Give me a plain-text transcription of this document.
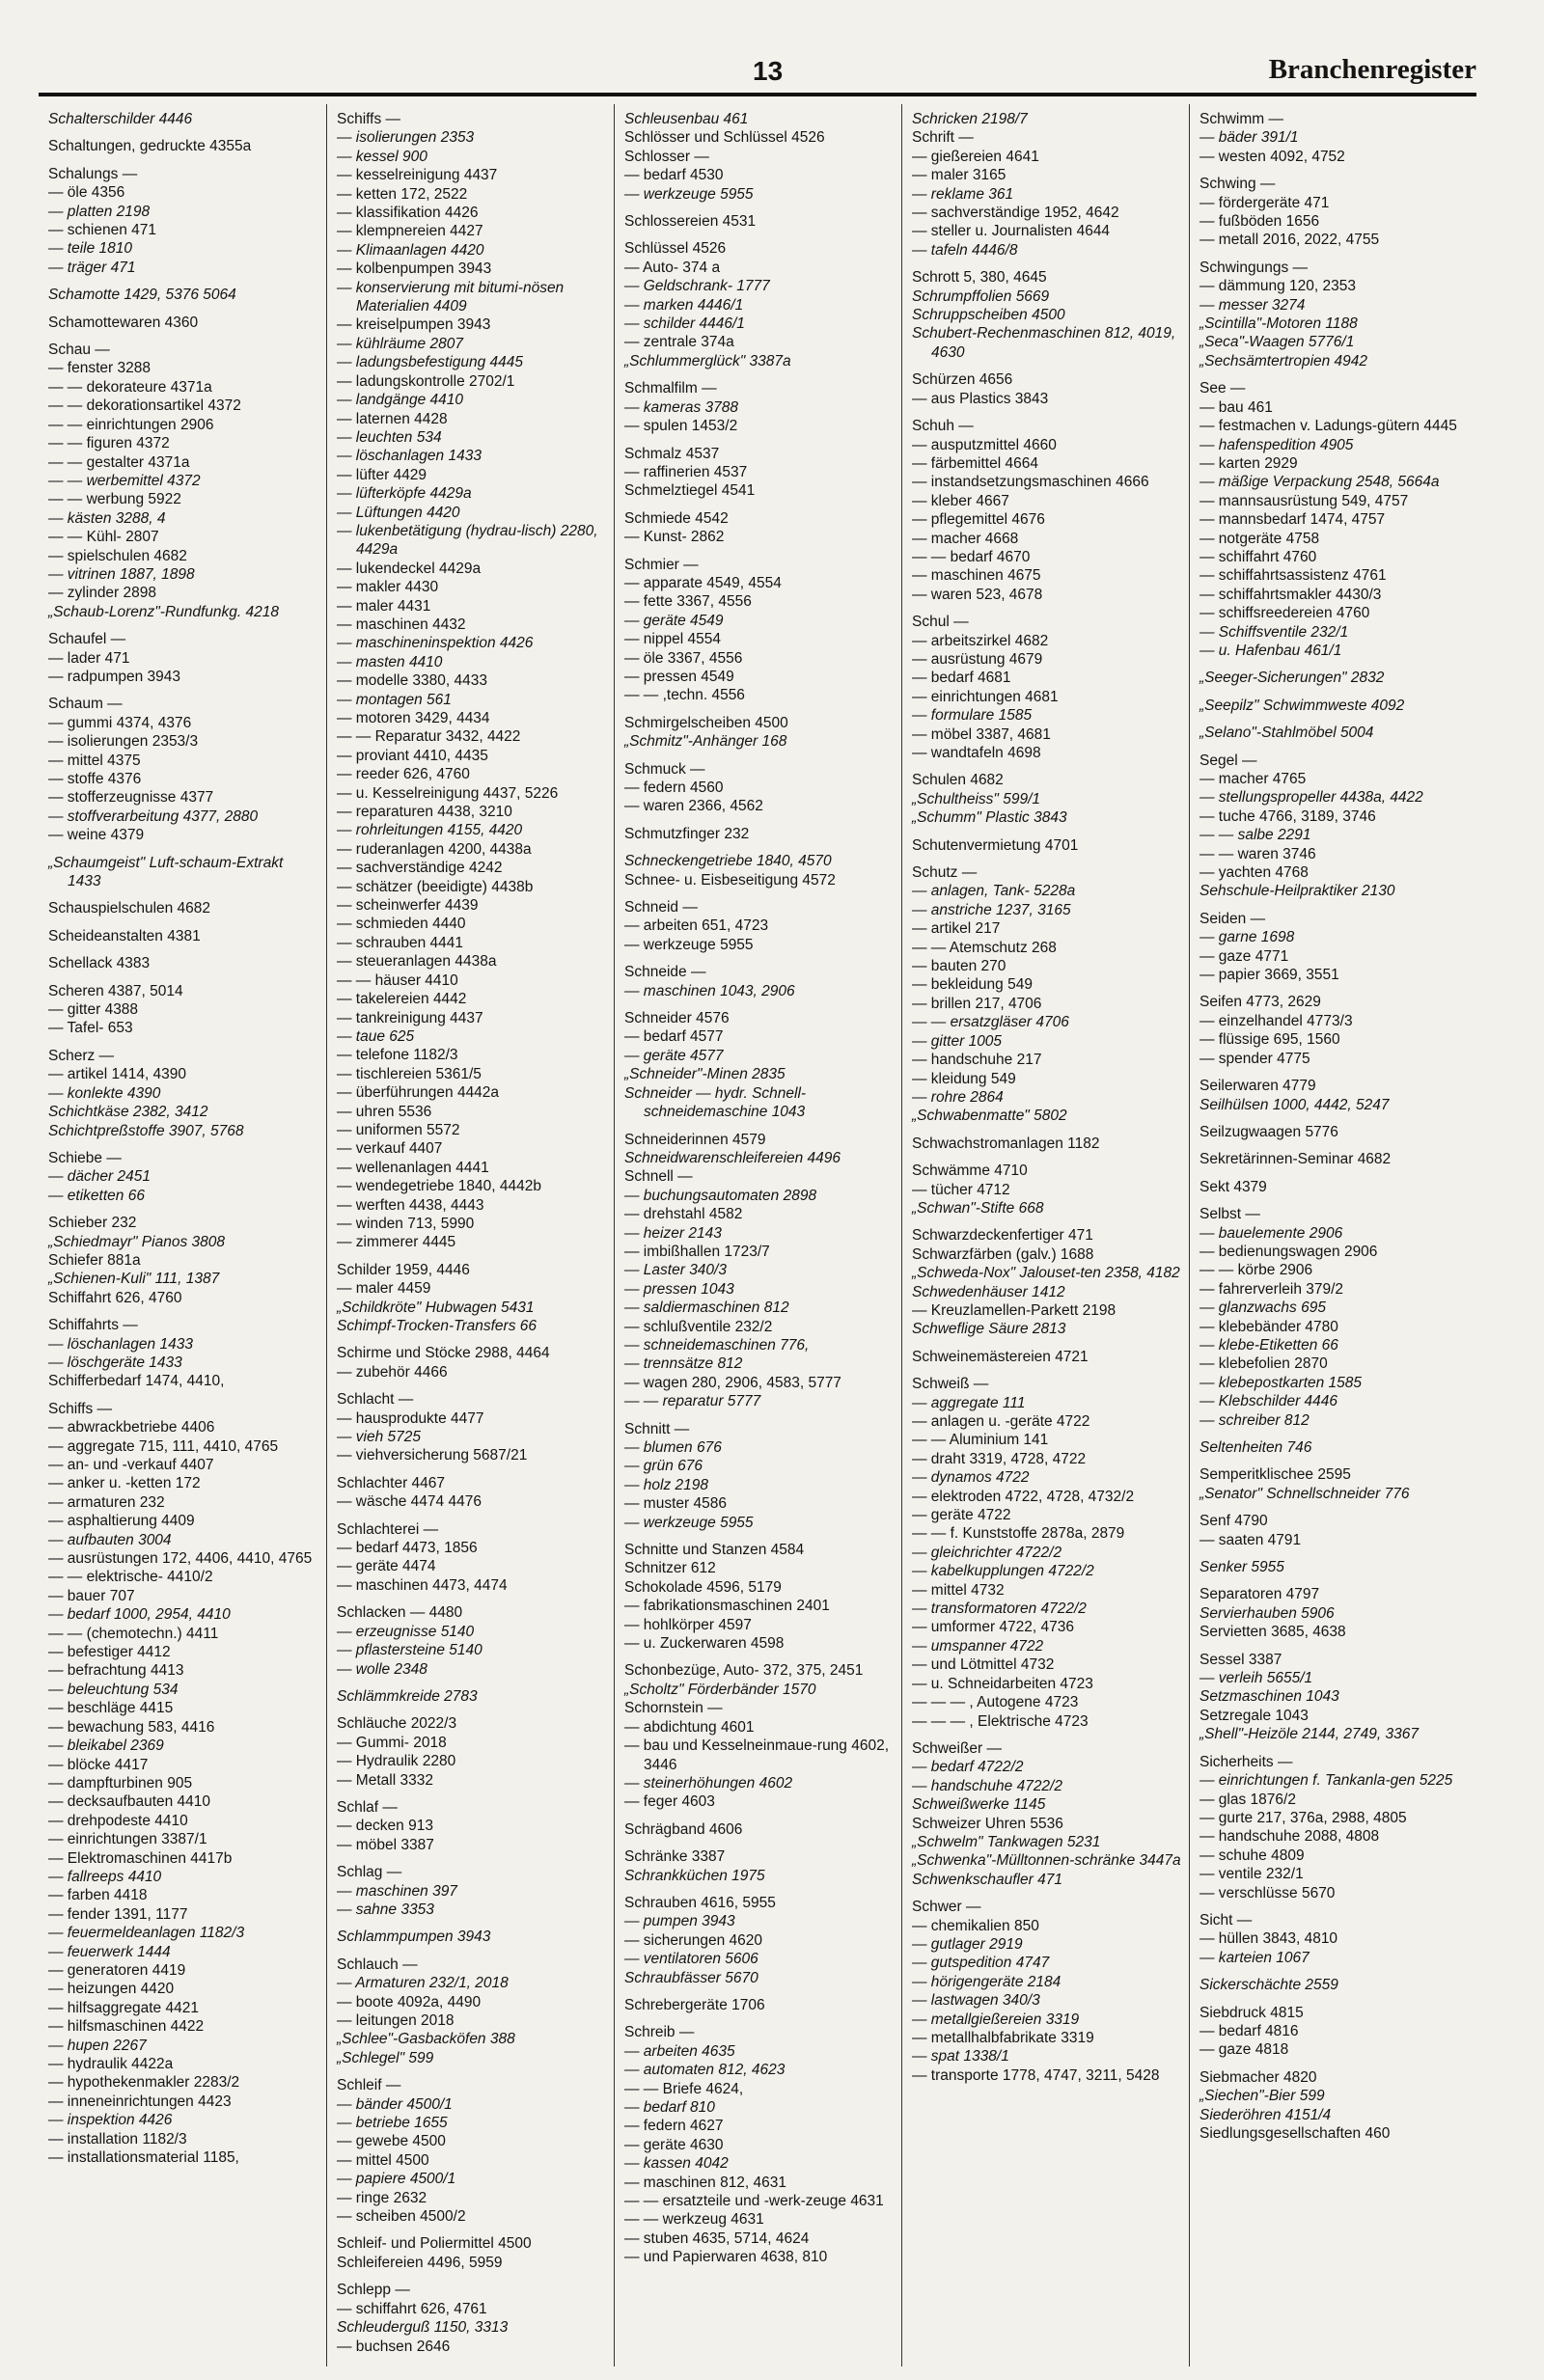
13	Branchenregister
Schalterschilder 4446
Schaltungen, gedruckte 4355a
Schalungs —
— öle 4356
— platten 2198
— schienen 471
— teile 1810
— träger 471
Schamotte 1429, 5376 5064
Schamottewaren 4360
Schau —
— fenster 3288
— — dekorateure 4371a
— — dekorationsartikel 4372
— — einrichtungen 2906
— — figuren 4372
— — gestalter 4371a
— — werbemittel 4372
— — werbung 5922
— kästen 3288, 4
— — Kühl- 2807
— spielschulen 4682
— vitrinen 1887, 1898
— zylinder 2898
„Schaub-Lorenz"-Rundfunkg. 4218
Schaufel —
— lader 471
— radpumpen 3943
Schaum —
— gummi 4374, 4376
— isolierungen 2353/3
— mittel 4375
— stoffe 4376
— stofferzeugnisse 4377
— stoffverarbeitung 4377, 2880
— weine 4379
„Schaumgeist" Luft-schaum-Extrakt 1433
Schauspielschulen 4682
Scheideanstalten 4381
Schellack 4383
Scheren 4387, 5014
— gitter 4388
— Tafel- 653
Scherz —
— artikel 1414, 4390
— konlekte 4390
Schichtkäse 2382, 3412
Schichtpreßstoffe 3907, 5768
Schiebe —
— dächer 2451
— etiketten 66
Schieber 232
„Schiedmayr" Pianos 3808
Schiefer 881a
„Schienen-Kuli" 111, 1387
Schiffahrt 626, 4760
Schiffahrts —
— löschanlagen 1433
— löschgeräte 1433
Schifferbedarf 1474, 4410,
Schiffs —
— abwrackbetriebe 4406
— aggregate 715, 111, 4410, 4765
— an- und -verkauf 4407
— anker u. -ketten 172
— armaturen 232
— asphaltierung 4409
— aufbauten 3004
— ausrüstungen 172, 4406, 4410, 4765
— — elektrische- 4410/2
— bauer 707
— bedarf 1000, 2954, 4410
— — (chemotechn.) 4411
— befestiger 4412
— befrachtung 4413
— beleuchtung 534
— beschläge 4415
— bewachung 583, 4416
— bleikabel 2369
— blöcke 4417
— dampfturbinen 905
— decksaufbauten 4410
— drehpodeste 4410
— einrichtungen 3387/1
— Elektromaschinen 4417b
— fallreeps 4410
— farben 4418
— fender 1391, 1177
— feuermeldeanlagen 1182/3
— feuerwerk 1444
— generatoren 4419
— heizungen 4420
— hilfsaggregate 4421
— hilfsmaschinen 4422
— hupen 2267
— hydraulik 4422a
— hypothekenmakler 2283/2
— inneneinrichtungen 4423
— inspektion 4426
— installation 1182/3
— installationsmaterial 1185,
Schiffs —
— isolierungen 2353
— kessel 900
— kesselreinigung 4437
— ketten 172, 2522
— klassifikation 4426
— klempnereien 4427
— Klimaanlagen 4420
— kolbenpumpen 3943
— konservierung mit bitumi-nösen Materialien 4409
— kreiselpumpen 3943
— kühlräume 2807
— ladungsbefestigung 4445
— ladungskontrolle 2702/1
— landgänge 4410
— laternen 4428
— leuchten 534
— löschanlagen 1433
— lüfter 4429
— lüfterköpfe 4429a
— Lüftungen 4420
— lukenbetätigung (hydrau-lisch) 2280, 4429a
— lukendeckel 4429a
— makler 4430
— maler 4431
— maschinen 4432
— maschineninspektion 4426
— masten 4410
— modelle 3380, 4433
— montagen 561
— motoren 3429, 4434
— — Reparatur 3432, 4422
— proviant 4410, 4435
— reeder 626, 4760
— u. Kesselreinigung 4437, 5226
— reparaturen 4438, 3210
— rohrleitungen 4155, 4420
— ruderanlagen 4200, 4438a
— sachverständige 4242
— schätzer (beeidigte) 4438b
— scheinwerfer 4439
— schmieden 4440
— schrauben 4441
— steueranlagen 4438a
— — häuser 4410
— takelereien 4442
— tankreinigung 4437
— taue 625
— telefone 1182/3
— tischlereien 5361/5
— überführungen 4442a
— uhren 5536
— uniformen 5572
— verkauf 4407
— wellenanlagen 4441
— wendegetriebe 1840, 4442b
— werften 4438, 4443
— winden 713, 5990
— zimmerer 4445
Schilder 1959, 4446
— maler 4459
„Schildkröte" Hubwagen 5431
Schimpf-Trocken-Transfers 66
Schirme und Stöcke 2988, 4464
— zubehör 4466
Schlacht —
— hausprodukte 4477
— vieh 5725
— viehversicherung 5687/21
Schlachter 4467
— wäsche 4474 4476
Schlachterei —
— bedarf 4473, 1856
— geräte 4474
— maschinen 4473, 4474
Schlacken — 4480
— erzeugnisse 5140
— pflastersteine 5140
— wolle 2348
Schlämmkreide 2783
Schläuche 2022/3
— Gummi- 2018
— Hydraulik 2280
— Metall 3332
Schlaf —
— decken 913
— möbel 3387
Schlag —
— maschinen 397
— sahne 3353
Schlammpumpen 3943
Schlauch —
— Armaturen 232/1, 2018
— boote 4092a, 4490
— leitungen 2018
„Schlee"-Gasbacköfen 388
„Schlegel" 599
Schleif —
— bänder 4500/1
— betriebe 1655
— gewebe 4500
— mittel 4500
— papiere 4500/1
— ringe 2632
— scheiben 4500/2
Schleif- und Poliermittel 4500
Schleifereien 4496, 5959
Schlepp —
— schiffahrt 626, 4761
Schleuderguß 1150, 3313
— buchsen 2646
Schleusenbau 461
Schlösser und Schlüssel 4526
Schlosser —
— bedarf 4530
— werkzeuge 5955
Schlossereien 4531
Schlüssel 4526
— Auto- 374 a
— Geldschrank- 1777
— marken 4446/1
— schilder 4446/1
— zentrale 374a
„Schlummerglück" 3387a
Schmalfilm —
— kameras 3788
— spulen 1453/2
Schmalz 4537
— raffinerien 4537
Schmelztiegel 4541
Schmiede 4542
— Kunst- 2862
Schmier —
— apparate 4549, 4554
— fette 3367, 4556
— geräte 4549
— nippel 4554
— öle 3367, 4556
— pressen 4549
— — ,techn. 4556
Schmirgelscheiben 4500
„Schmitz"-Anhänger 168
Schmuck —
— federn 4560
— waren 2366, 4562
Schmutzfinger 232
Schneckengetriebe 1840, 4570
Schnee- u. Eisbeseitigung 4572
Schneid —
— arbeiten 651, 4723
— werkzeuge 5955
Schneide —
— maschinen 1043, 2906
Schneider 4576
— bedarf 4577
— geräte 4577
„Schneider"-Minen 2835
Schneider — hydr. Schnell-schneidemaschine 1043
Schneiderinnen 4579
Schneidwarenschleifereien 4496
Schnell —
— buchungsautomaten 2898
— drehstahl 4582
— heizer 2143
— imbißhallen 1723/7
— Laster 340/3
— pressen 1043
— saldiermaschinen 812
— schlußventile 232/2
— schneidemaschinen 776,
— trennsätze 812
— wagen 280, 2906, 4583, 5777
— — reparatur 5777
Schnitt —
— blumen 676
— grün 676
— holz 2198
— muster 4586
— werkzeuge 5955
Schnitte und Stanzen 4584
Schnitzer 612
Schokolade 4596, 5179
— fabrikationsmaschinen 2401
— hohlkörper 4597
— u. Zuckerwaren 4598
Schonbezüge, Auto- 372, 375, 2451
„Scholtz" Förderbänder 1570
Schornstein —
— abdichtung 4601
— bau und Kesselneinmaue-rung 4602, 3446
— steinerhöhungen 4602
— feger 4603
Schrägband 4606
Schränke 3387
Schrankküchen 1975
Schrauben 4616, 5955
— pumpen 3943
— sicherungen 4620
— ventilatoren 5606
Schraubfässer 5670
Schrebergeräte 1706
Schreib —
— arbeiten 4635
— automaten 812, 4623
— — Briefe 4624,
— bedarf 810
— federn 4627
— geräte 4630
— kassen 4042
— maschinen 812, 4631
— — ersatzteile und -werk-zeuge 4631
— — werkzeug 4631
— stuben 4635, 5714, 4624
— und Papierwaren 4638, 810
Schricken 2198/7
Schrift —
— gießereien 4641
— maler 3165
— reklame 361
— sachverständige 1952, 4642
— steller u. Journalisten 4644
— tafeln 4446/8
Schrott 5, 380, 4645
Schrumpffolien 5669
Schruppscheiben 4500
Schubert-Rechenmaschinen 812, 4019, 4630
Schürzen 4656
— aus Plastics 3843
Schuh —
— ausputzmittel 4660
— färbemittel 4664
— instandsetzungsmaschinen 4666
— kleber 4667
— pflegemittel 4676
— macher 4668
— — bedarf 4670
— maschinen 4675
— waren 523, 4678
Schul —
— arbeitszirkel 4682
— ausrüstung 4679
— bedarf 4681
— einrichtungen 4681
— formulare 1585
— möbel 3387, 4681
— wandtafeln 4698
Schulen 4682
„Schultheiss" 599/1
„Schumm" Plastic 3843
Schutenvermietung 4701
Schutz —
— anlagen, Tank- 5228a
— anstriche 1237, 3165
— artikel 217
— — Atemschutz 268
— bauten 270
— bekleidung 549
— brillen 217, 4706
— — ersatzgläser 4706
— gitter 1005
— handschuhe 217
— kleidung 549
— rohre 2864
„Schwabenmatte" 5802
Schwachstromanlagen 1182
Schwämme 4710
— tücher 4712
„Schwan"-Stifte 668
Schwarzdeckenfertiger 471
Schwarzfärben (galv.) 1688
„Schweda-Nox" Jalouset-ten 2358, 4182
Schwedenhäuser 1412
— Kreuzlamellen-Parkett 2198
Schweflige Säure 2813
Schweinemästereien 4721
Schweiß —
— aggregate 111
— anlagen u. -geräte 4722
— — Aluminium 141
— draht 3319, 4728, 4722
— dynamos 4722
— elektroden 4722, 4728, 4732/2
— geräte 4722
— — f. Kunststoffe 2878a, 2879
— gleichrichter 4722/2
— kabelkupplungen 4722/2
— mittel 4732
— transformatoren 4722/2
— umformer 4722, 4736
— umspanner 4722
— und Lötmittel 4732
— u. Schneidarbeiten 4723
— — — , Autogene 4723
— — — , Elektrische 4723
Schweißer —
— bedarf 4722/2
— handschuhe 4722/2
Schweißwerke 1145
Schweizer Uhren 5536
„Schwelm" Tankwagen 5231
„Schwenka"-Mülltonnen-schränke 3447a
Schwenkschaufler 471
Schwer —
— chemikalien 850
— gutlager 2919
— gutspedition 4747
— hörigengeräte 2184
— lastwagen 340/3
— metallgießereien 3319
— metallhalbfabrikate 3319
— spat 1338/1
— transporte 1778, 4747, 3211, 5428
Schwimm —
— bäder 391/1
— westen 4092, 4752
Schwing —
— fördergeräte 471
— fußböden 1656
— metall 2016, 2022, 4755
Schwingungs —
— dämmung 120, 2353
— messer 3274
„Scintilla"-Motoren 1188
„Seca"-Waagen 5776/1
„Sechsämtertropien 4942
See —
— bau 461
— festmachen v. Ladungs-gütern 4445
— hafenspedition 4905
— karten 2929
— mäßige Verpackung 2548, 5664a
— mannsausrüstung 549, 4757
— mannsbedarf 1474, 4757
— notgeräte 4758
— schiffahrt 4760
— schiffahrtsassistenz 4761
— schiffahrtsmakler 4430/3
— schiffsreedereien 4760
— Schiffsventile 232/1
— u. Hafenbau 461/1
„Seeger-Sicherungen" 2832
„Seepilz" Schwimmweste 4092
„Selano"-Stahlmöbel 5004
Segel —
— macher 4765
— stellungspropeller 4438a, 4422
— tuche 4766, 3189, 3746
— — salbe 2291
— — waren 3746
— yachten 4768
Sehschule-Heilpraktiker 2130
Seiden —
— garne 1698
— gaze 4771
— papier 3669, 3551
Seifen 4773, 2629
— einzelhandel 4773/3
— flüssige 695, 1560
— spender 4775
Seilerwaren 4779
Seilhülsen 1000, 4442, 5247
Seilzugwaagen 5776
Sekretärinnen-Seminar 4682
Sekt 4379
Selbst —
— bauelemente 2906
— bedienungswagen 2906
— — körbe 2906
— fahrerverleih 379/2
— glanzwachs 695
— klebebänder 4780
— klebe-Etiketten 66
— klebefolien 2870
— klebepostkarten 1585
— Klebschilder 4446
— schreiber 812
Seltenheiten 746
Semperitklischee 2595
„Senator" Schnellschneider 776
Senf 4790
— saaten 4791
Senker 5955
Separatoren 4797
Servierhauben 5906
Servietten 3685, 4638
Sessel 3387
— verleih 5655/1
Setzmaschinen 1043
Setzregale 1043
„Shell"-Heizöle 2144, 2749, 3367
Sicherheits —
— einrichtungen f. Tankanla-gen 5225
— glas 1876/2
— gurte 217, 376a, 2988, 4805
— handschuhe 2088, 4808
— schuhe 4809
— ventile 232/1
— verschlüsse 5670
Sicht —
— hüllen 3843, 4810
— karteien 1067
Sickerschächte 2559
Siebdruck 4815
— bedarf 4816
— gaze 4818
Siebmacher 4820
„Siechen"-Bier 599
Siederöhren 4151/4
Siedlungsgesellschaften 460
